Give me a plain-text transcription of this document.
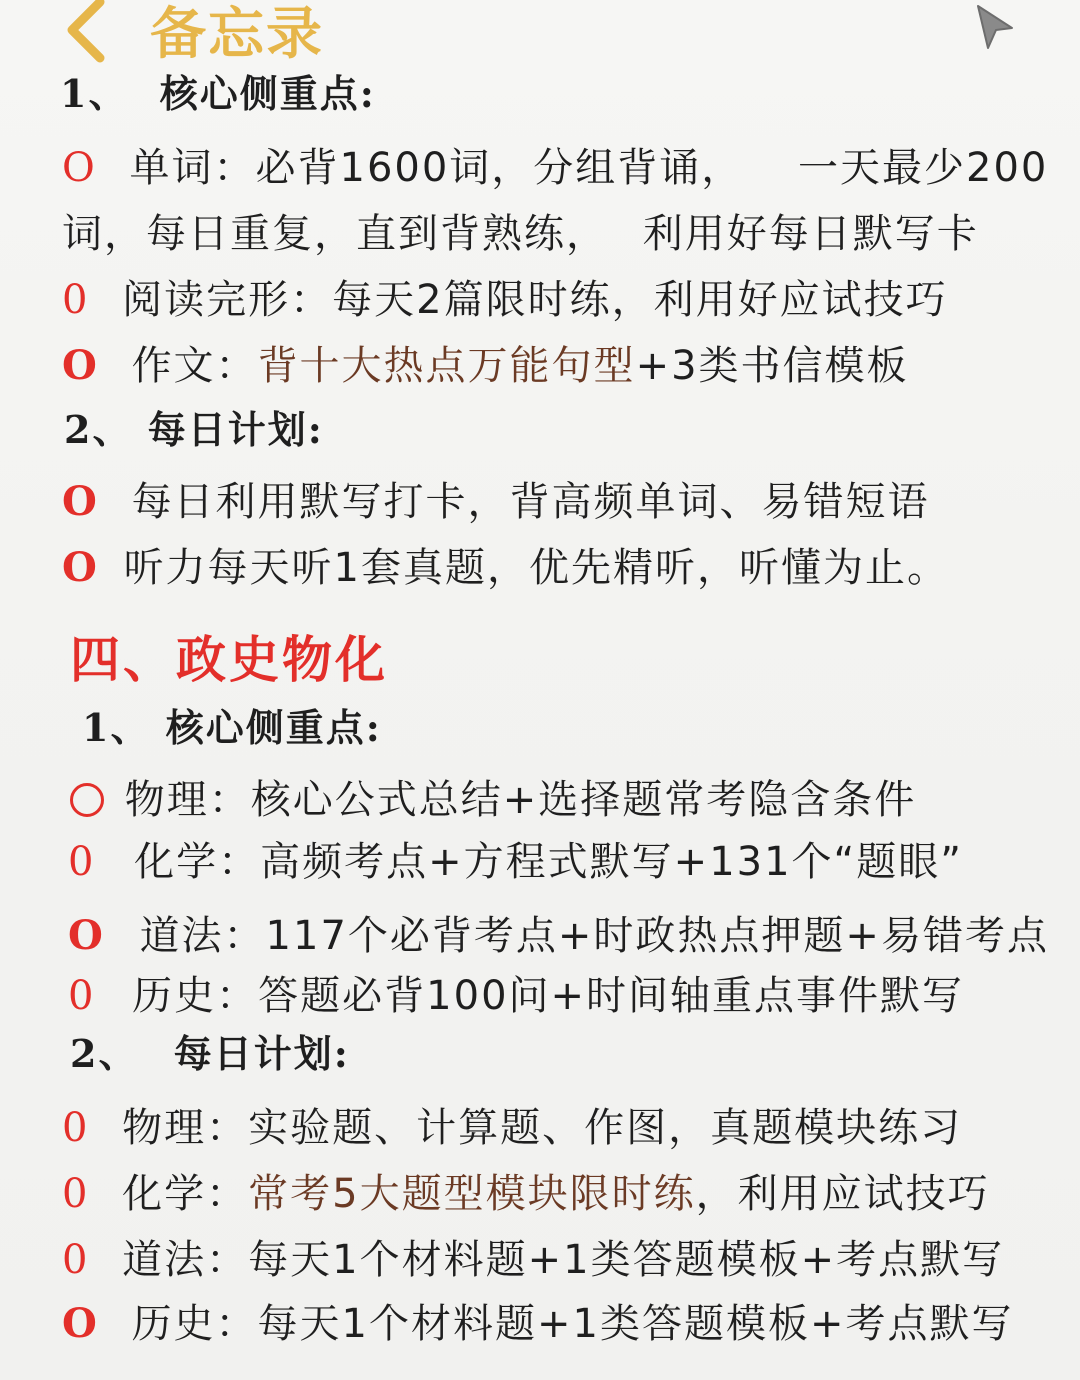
备忘录
1、 核心侧重点:
O 单词：必背1600词，分组背诵， 一天最少200
词，每日重复，直到背熟练， 利用好每日默写卡
0 阅读完形：每天2篇限时练，利用好应试技巧
O 作文：背十大热点万能句型+3类书信模板
2、 每日计划:
O 每日利用默写打卡，背高频单词、易错短语
O 听力每天听1套真题，优先精听，听懂为止。
四、政史物化
1、 核心侧重点:
物理：核心公式总结+选择题常考隐含条件
0 化学：高频考点+方程式默写+131个“题眼”
O 道法：117个必背考点+时政热点押题+易错考点
0 历史：答题必背100问+时间轴重点事件默写
2、 每日计划:
0 物理：实验题、计算题、作图，真题模块练习
0 化学：常考5大题型模块限时练，利用应试技巧
0 道法：每天1个材料题+1类答题模板+考点默写
O 历史：每天1个材料题+1类答题模板+考点默写
